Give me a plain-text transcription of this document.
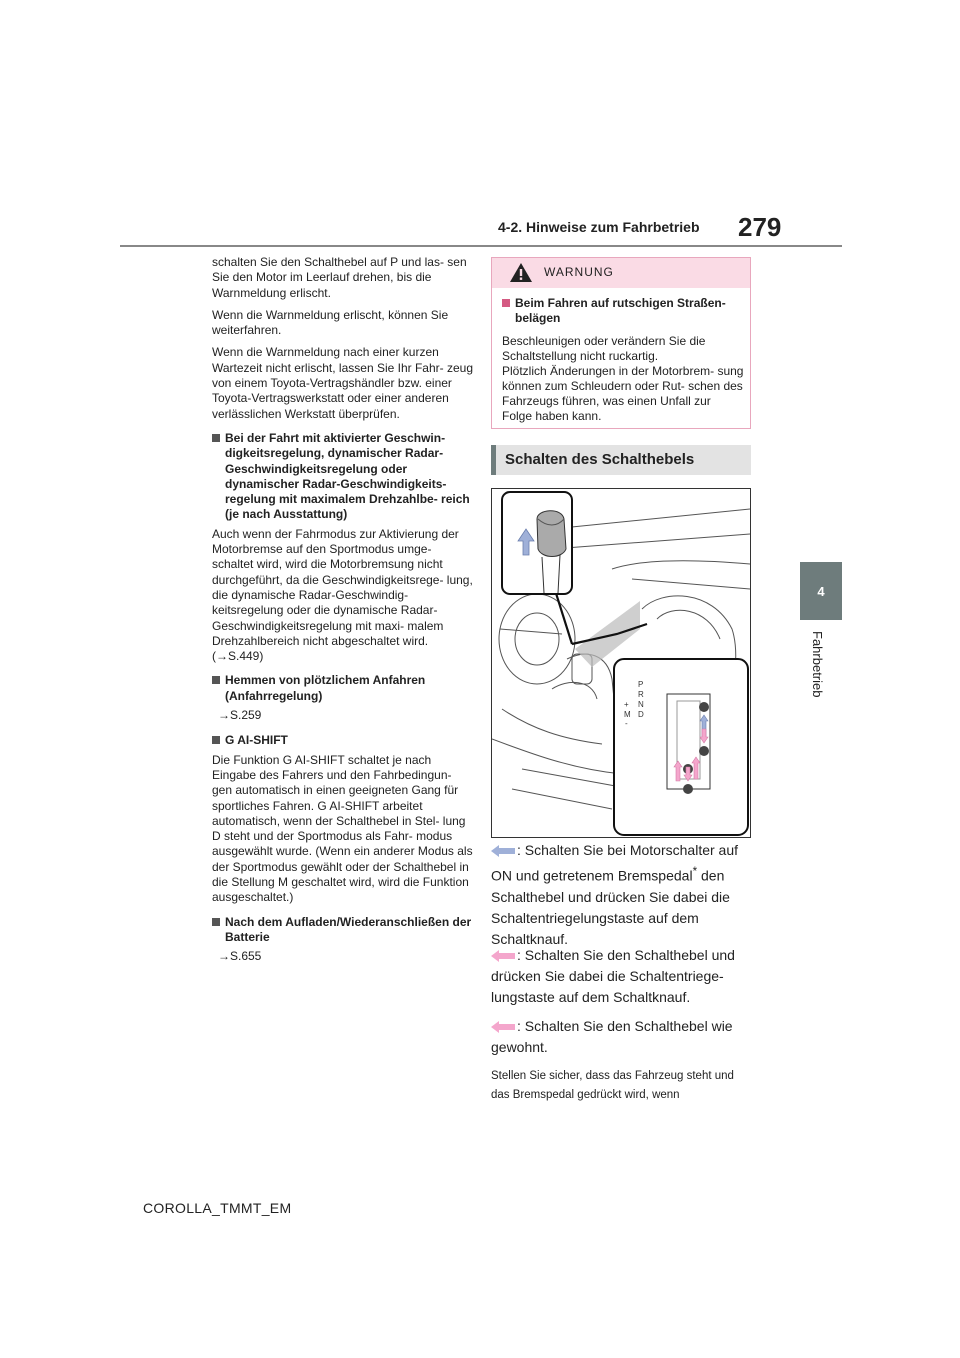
4-2. Hinweise zum Fahrbetrieb 279
4
Fahrbetrieb

schalten Sie den Schalthebel auf P und las- sen Sie den Motor im Leerlauf drehen, bis die Warnmeldung erlischt.

Wenn die Warnmeldung erlischt, können Sie weiterfahren.

Wenn die Warnmeldung nach einer kurzen Wartezeit nicht erlischt, lassen Sie Ihr Fahr- zeug von einem Toyota-Vertragshändler bzw. einer Toyota-Vertragswerkstatt oder einer anderen verlässlichen Werkstatt überprüfen.

Bei der Fahrt mit aktivierter Geschwin- digkeitsregelung, dynamischer Radar-Geschwindigkeitsregelung oder dynamischer Radar-Geschwindigkeits- regelung mit maximalem Drehzahlbe- reich (je nach Ausstattung)

Auch wenn der Fahrmodus zur Aktivierung der Motorbremse auf den Sportmodus umge- schaltet wird, wird die Motorbremsung nicht durchgeführt, da die Geschwindigkeitsrege- lung, die dynamische Radar-Geschwindig- keitsregelung oder die dynamische Radar-Geschwindigkeitsregelung mit maxi- malem Drehzahlbereich nicht abgeschaltet wird. (→S.449)

Hemmen von plötzlichem Anfahren (Anfahrregelung)

→S.259

G AI-SHIFT

Die Funktion G AI-SHIFT schaltet je nach Eingabe des Fahrers und den Fahrbedingun- gen automatisch in einen geeigneten Gang für sportliches Fahren. G AI-SHIFT arbeitet automatisch, wenn der Schalthebel in Stel- lung D steht und der Sportmodus als Fahr- modus ausgewählt wurde. (Wenn ein anderer Modus als der Sportmodus gewählt oder der Schalthebel in die Stellung M geschaltet wird, wird die Funktion ausgeschaltet.)

Nach dem Aufladen/Wiederanschließen der Batterie

→S.655

WARNUNG
Beim Fahren auf rutschigen Straßen- belägen
Beschleunigen oder verändern Sie die Schaltstellung nicht ruckartig.
Plötzlich Änderungen in der Motorbrem- sung können zum Schleudern oder Rut- schen des Fahrzeugs führen, was einen Unfall zur Folge haben kann.
Schalten des Schalthebels
P
R
N
D
+
M
-
: Schalten Sie bei Motorschalter auf ON und getretenem Bremspedal* den Schalthebel und drücken Sie dabei die Schaltentriegelungstaste auf dem Schaltknauf.
: Schalten Sie den Schalthebel und drücken Sie dabei die Schaltentriege- lungstaste auf dem Schaltknauf.
: Schalten Sie den Schalthebel wie gewohnt.
Stellen Sie sicher, dass das Fahrzeug steht und das Bremspedal gedrückt wird, wenn
COROLLA_TMMT_EM
